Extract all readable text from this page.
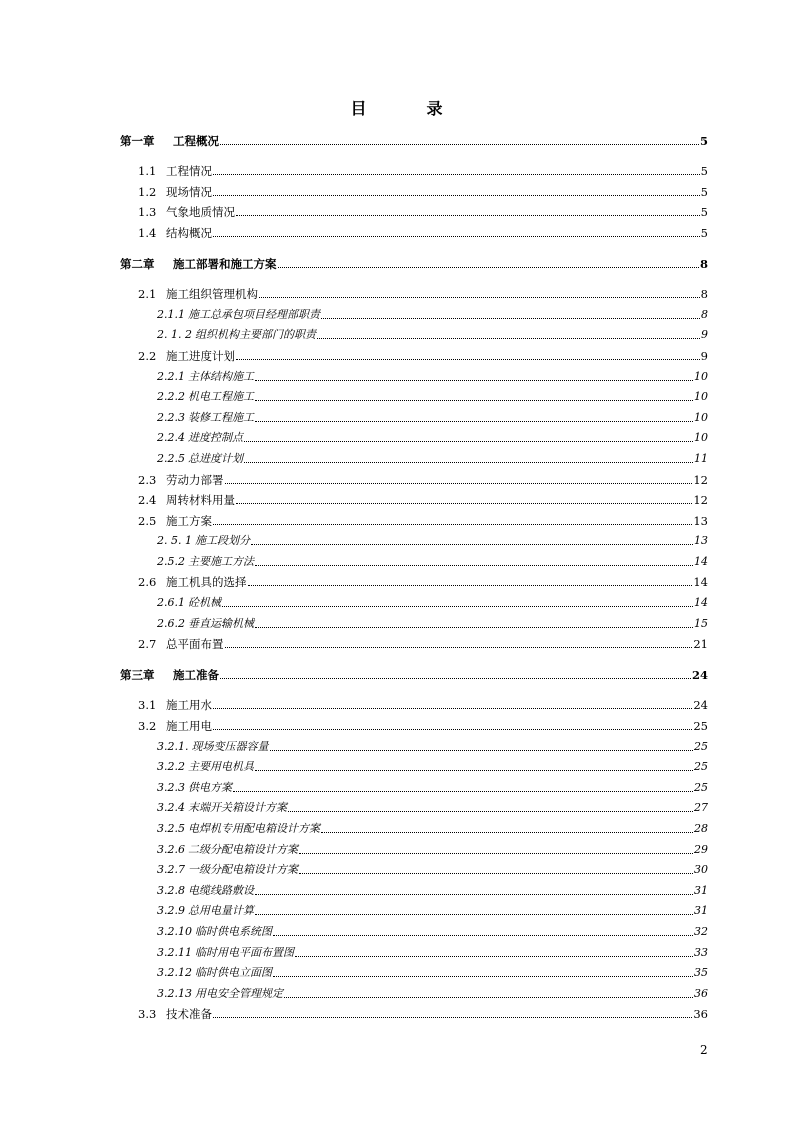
目　录
第一章	工程概况	5
1.1 工程情况	5
1.2 现场情况	5
1.3 气象地质情况	5
1.4 结构概况	5
第二章	施工部署和施工方案	8
2.1 施工组织管理机构	8
2.1.1 施工总承包项目经理部职责	8
2. 1. 2 组织机构主要部门的职责	9
2.2 施工进度计划	9
2.2.1 主体结构施工	10
2.2.2 机电工程施工	10
2.2.3 装修工程施工	10
2.2.4 进度控制点	10
2.2.5 总进度计划	11
2.3 劳动力部署	12
2.4 周转材料用量	12
2.5 施工方案	13
2. 5. 1 施工段划分	13
2.5.2 主要施工方法	14
2.6 施工机具的选择	14
2.6.1 砼机械	14
2.6.2 垂直运输机械	15
2.7 总平面布置	21
第三章	施工准备	24
3.1 施工用水	24
3.2 施工用电	25
3.2.1. 现场变压器容量	25
3.2.2 主要用电机具	25
3.2.3 供电方案	25
3.2.4 末端开关箱设计方案	27
3.2.5 电焊机专用配电箱设计方案	28
3.2.6 二级分配电箱设计方案	29
3.2.7 一级分配电箱设计方案	30
3.2.8 电缆线路敷设	31
3.2.9 总用电量计算	31
3.2.10 临时供电系统图	32
3.2.11 临时用电平面布置图	33
3.2.12 临时供电立面图	35
3.2.13 用电安全管理规定	36
3.3 技术准备	36
2
